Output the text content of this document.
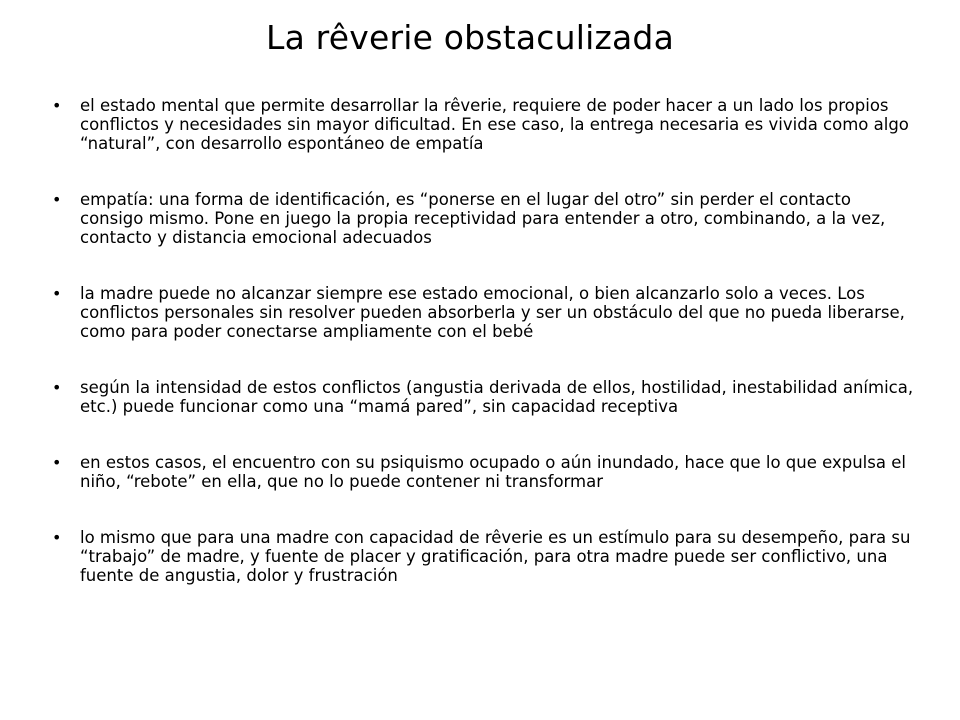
La rêverie obstaculizada
• el estado mental que permite desarrollar la rêverie, requiere de poder hacer a un lado los propios conflictos y necesidades sin mayor dificultad. En ese caso, la entrega necesaria es vivida como algo “natural”, con desarrollo espontáneo de empatía
• empatía: una forma de identificación, es “ponerse en el lugar del otro” sin perder el contacto consigo mismo. Pone en juego la propia receptividad para entender a otro, combinando, a la vez, contacto y distancia emocional adecuados
• la madre puede no alcanzar siempre ese estado emocional, o bien alcanzarlo solo a veces. Los conflictos personales sin resolver pueden absorberla y ser un obstáculo del que no pueda liberarse, como para poder conectarse ampliamente con el bebé
• según la intensidad de estos conflictos (angustia derivada de ellos, hostilidad, inestabilidad anímica, etc.) puede funcionar como una “mamá pared”, sin capacidad receptiva
• en estos casos, el encuentro con su psiquismo ocupado o aún inundado, hace que lo que expulsa el niño, “rebote” en ella, que no lo puede contener ni transformar
• lo mismo que para una madre con capacidad de rêverie es un estímulo para su desempeño, para su “trabajo” de madre, y fuente de placer y gratificación, para otra madre puede ser conflictivo, una fuente de angustia, dolor y frustración
